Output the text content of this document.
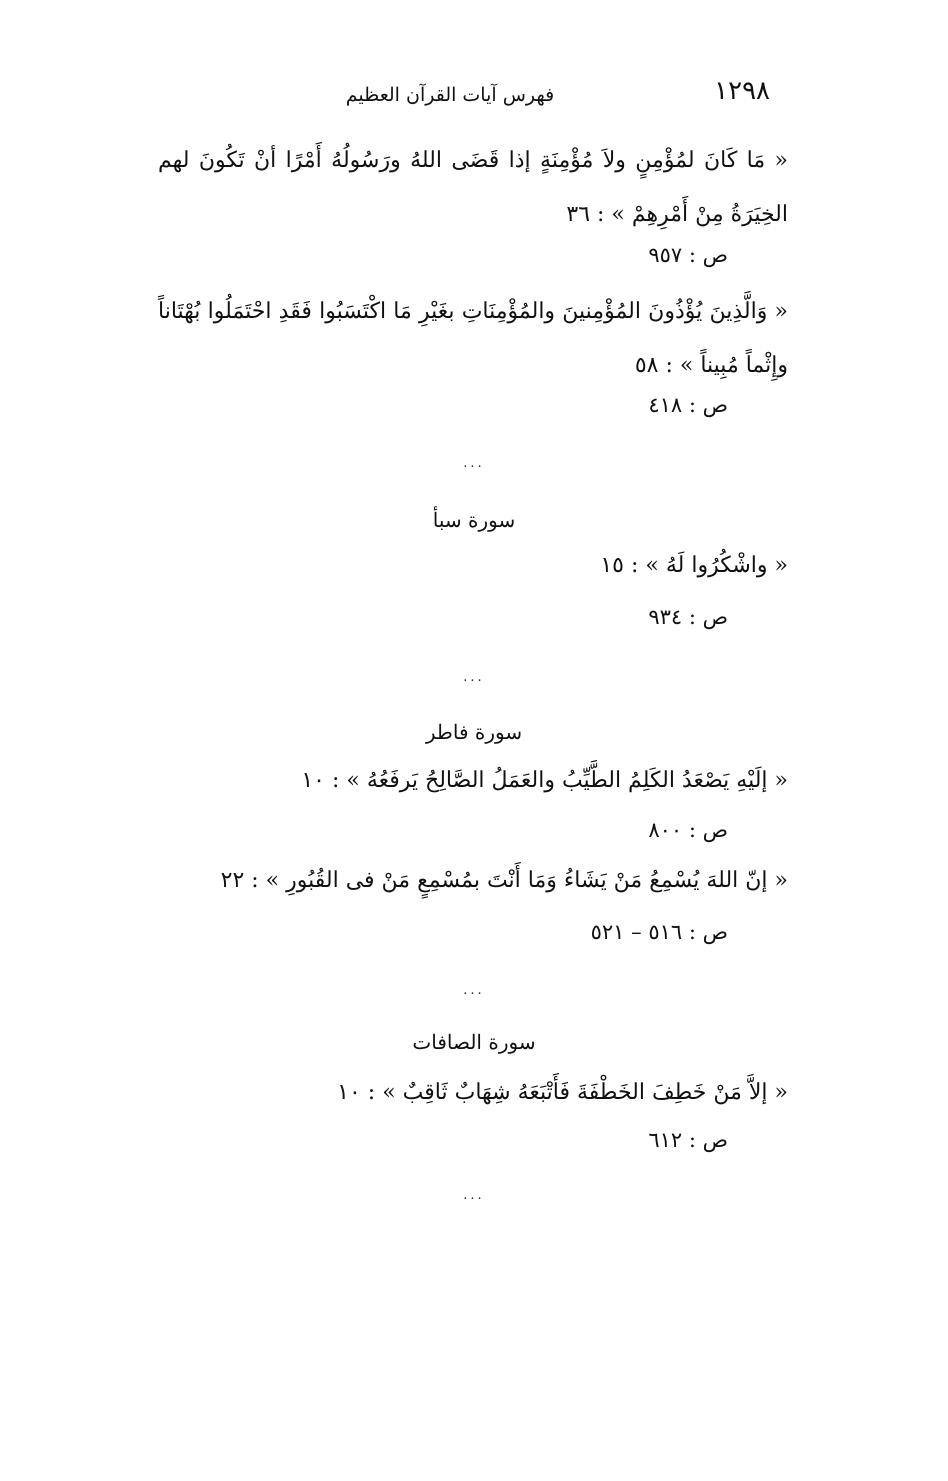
١٢٩٨
فهرس آيات القرآن العظيم
« مَا كَانَ لمُؤْمِنٍ ولاَ مُؤْمِنَةٍ إذا قَضَى اللهُ ورَسُولُهُ أَمْرًا أنْ تَكُونَ لهم الخِيَرَةُ مِنْ أَمْرِهِمْ » : ٣٦
ص : ٩٥٧
« وَالَّذِينَ يُؤْذُونَ المُؤْمِنينَ والمُؤْمِنَاتِ بغَيْرِ مَا اكْتَسَبُوا فَقَدِ احْتَمَلُوا بُهْتَاناً وإِثْماً مُبِيناً » : ٥٨
ص : ٤١٨
...
سورة سبأ
« واشْكُرُوا لَهُ » : ١٥
ص : ٩٣٤
...
سورة فاطر
« إلَيْهِ يَصْعَدُ الكَلِمُ الطَّيِّبُ والعَمَلُ الصَّالِحُ يَرفَعُهُ » : ١٠
ص : ٨٠٠
« إنّ اللهَ يُسْمِعُ مَنْ يَشَاءُ وَمَا أَنْتَ بمُسْمِعٍ مَنْ فى القُبُورِ » : ٢٢
ص : ٥١٦ – ٥٢١
...
سورة الصافات
« إلاَّ مَنْ خَطِفَ الخَطْفَةَ فَأَتْبَعَهُ شِهَابٌ ثَاقِبٌ » : ١٠
ص : ٦١٢
...
